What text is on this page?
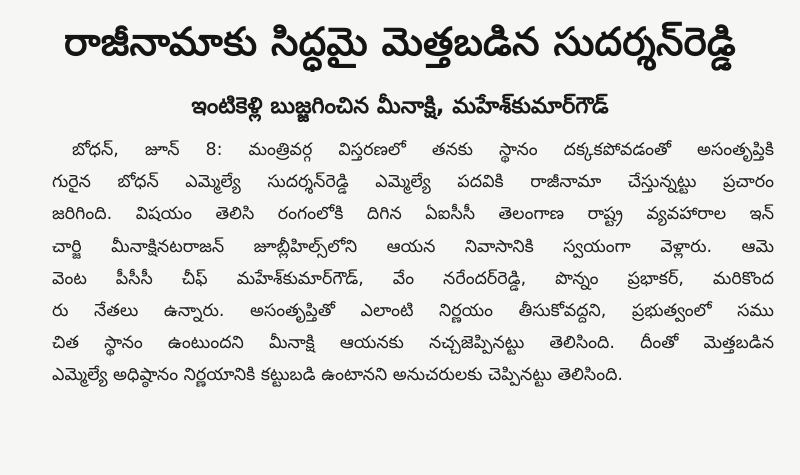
రాజీనామాకు సిద్ధమై మెత్తబడిన సుదర్శన్‌రెడ్డి
ఇంటికెళ్లి బుజ్జగించిన మీనాక్షి, మహేశ్‌కుమార్‌గౌడ్
బోధన్, జూన్ 8: మంత్రివర్గ విస్తరణలో తనకు స్థానం దక్కకపోవడంతో అసంతృప్తికి
గురైన బోధన్ ఎమ్మెల్యే సుదర్శన్‌రెడ్డి ఎమ్మెల్యే పదవికి రాజీనామా చేస్తున్నట్టు ప్రచారం
జరిగింది. విషయం తెలిసి రంగంలోకి దిగిన ఏఐసీసీ తెలంగాణ రాష్ట్ర వ్యవహారాల ఇన్
చార్జి మీనాక్షినటరాజన్ జూబ్లీహిల్స్‌లోని ఆయన నివాసానికి స్వయంగా వెళ్లారు. ఆమె
వెంట పీసీసీ చీఫ్ మహేశ్‌కుమార్‌గౌడ్, వేం నరేందర్‌రెడ్డి, పొన్నం ప్రభాకర్, మరికొంద
రు నేతలు ఉన్నారు. అసంతృప్తితో ఎలాంటి నిర్ణయం తీసుకోవద్దని, ప్రభుత్వంలో సము
చిత స్థానం ఉంటుందని మీనాక్షి ఆయనకు నచ్చజెప్పినట్టు తెలిసింది. దీంతో మెత్తబడిన
ఎమ్మెల్యే అధిష్ఠానం నిర్ణయానికి కట్టుబడి ఉంటానని అనుచరులకు చెప్పినట్టు తెలిసింది.
